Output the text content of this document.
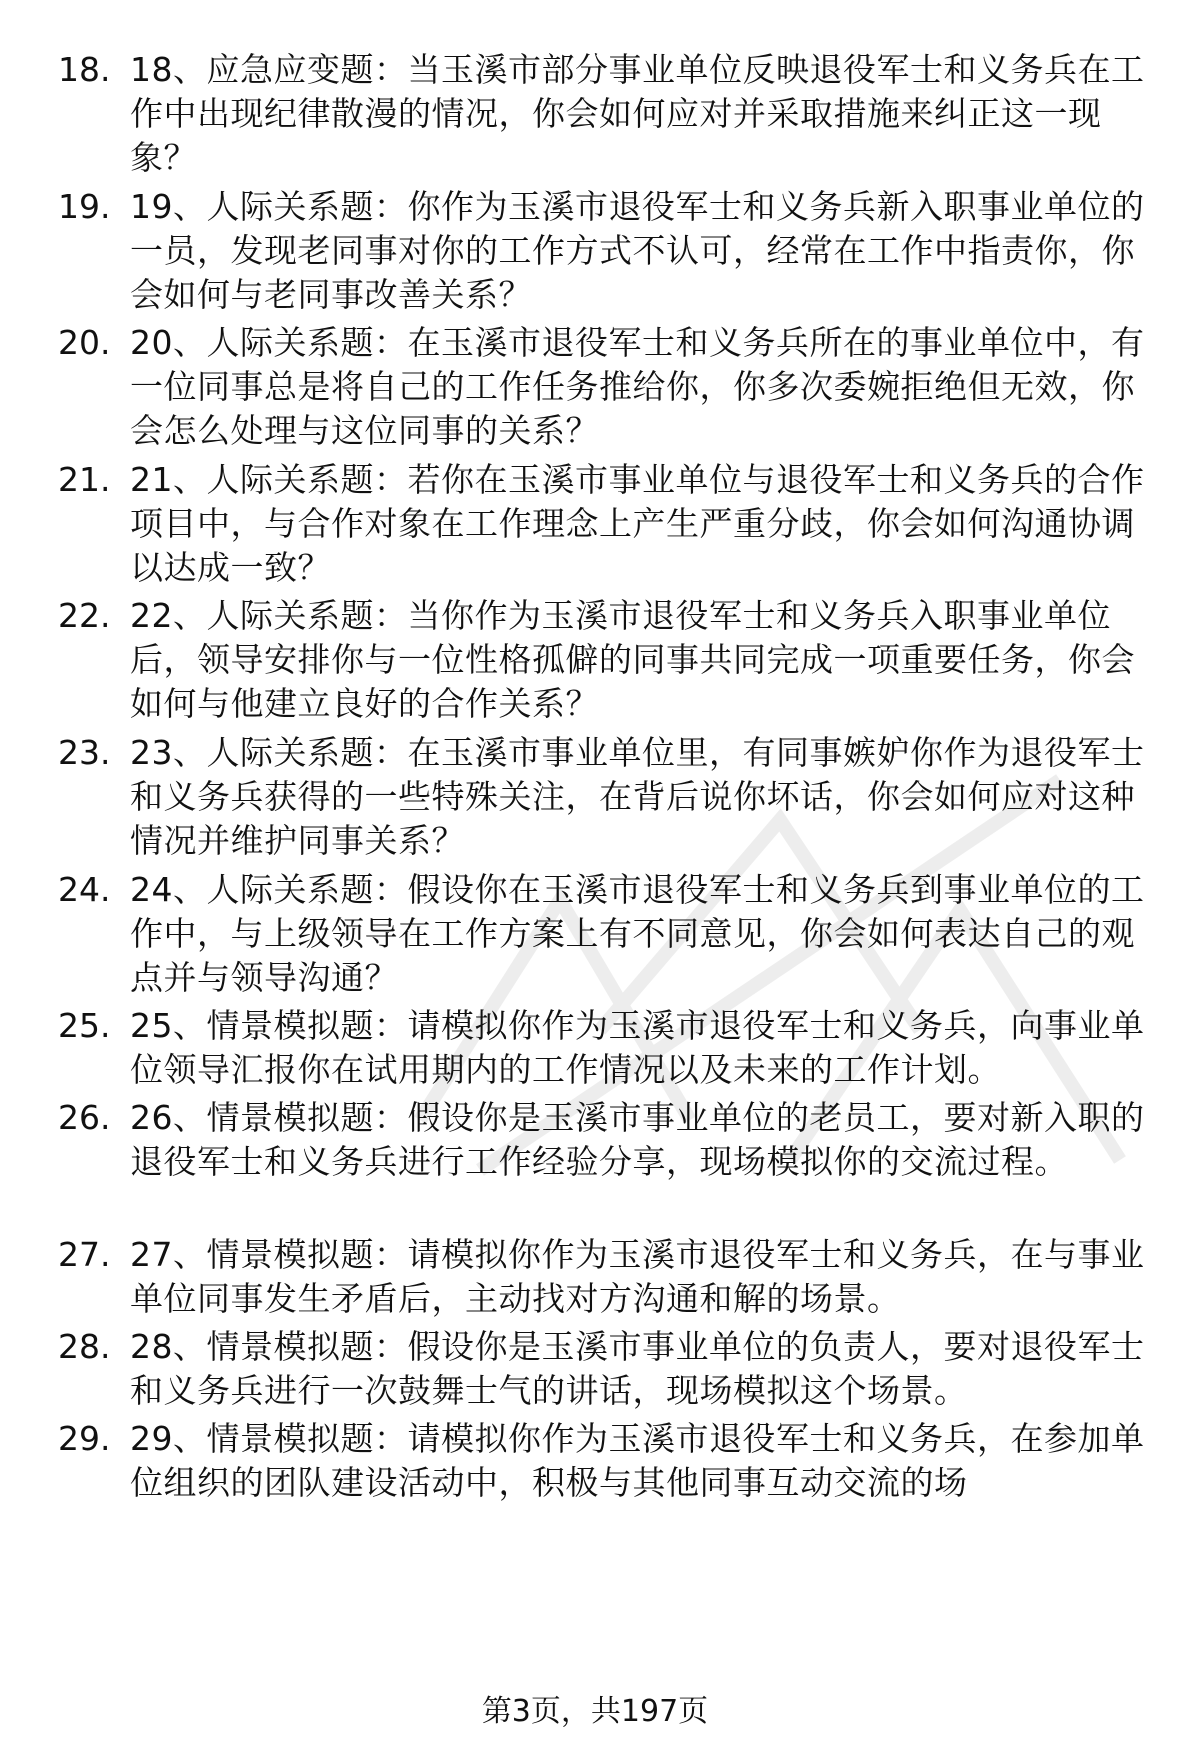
18. 18、应急应变题：当玉溪市部分事业单位反映退役军士和义务兵在工作中出现纪律散漫的情况，你会如何应对并采取措施来纠正这一现象？
19. 19、人际关系题：你作为玉溪市退役军士和义务兵新入职事业单位的一员，发现老同事对你的工作方式不认可，经常在工作中指责你，你会如何与老同事改善关系？
20. 20、人际关系题：在玉溪市退役军士和义务兵所在的事业单位中，有一位同事总是将自己的工作任务推给你，你多次委婉拒绝但无效，你会怎么处理与这位同事的关系？
21. 21、人际关系题：若你在玉溪市事业单位与退役军士和义务兵的合作项目中，与合作对象在工作理念上产生严重分歧，你会如何沟通协调以达成一致？
22. 22、人际关系题：当你作为玉溪市退役军士和义务兵入职事业单位后，领导安排你与一位性格孤僻的同事共同完成一项重要任务，你会如何与他建立良好的合作关系？
23. 23、人际关系题：在玉溪市事业单位里，有同事嫉妒你作为退役军士和义务兵获得的一些特殊关注，在背后说你坏话，你会如何应对这种情况并维护同事关系？
24. 24、人际关系题：假设你在玉溪市退役军士和义务兵到事业单位的工作中，与上级领导在工作方案上有不同意见，你会如何表达自己的观点并与领导沟通？
25. 25、情景模拟题：请模拟你作为玉溪市退役军士和义务兵，向事业单位领导汇报你在试用期内的工作情况以及未来的工作计划。
26. 26、情景模拟题：假设你是玉溪市事业单位的老员工，要对新入职的退役军士和义务兵进行工作经验分享，现场模拟你的交流过程。
27. 27、情景模拟题：请模拟你作为玉溪市退役军士和义务兵，在与事业单位同事发生矛盾后，主动找对方沟通和解的场景。
28. 28、情景模拟题：假设你是玉溪市事业单位的负责人，要对退役军士和义务兵进行一次鼓舞士气的讲话，现场模拟这个场景。
29. 29、情景模拟题：请模拟你作为玉溪市退役军士和义务兵，在参加单位组织的团队建设活动中，积极与其他同事互动交流的场
第3页，共197页
